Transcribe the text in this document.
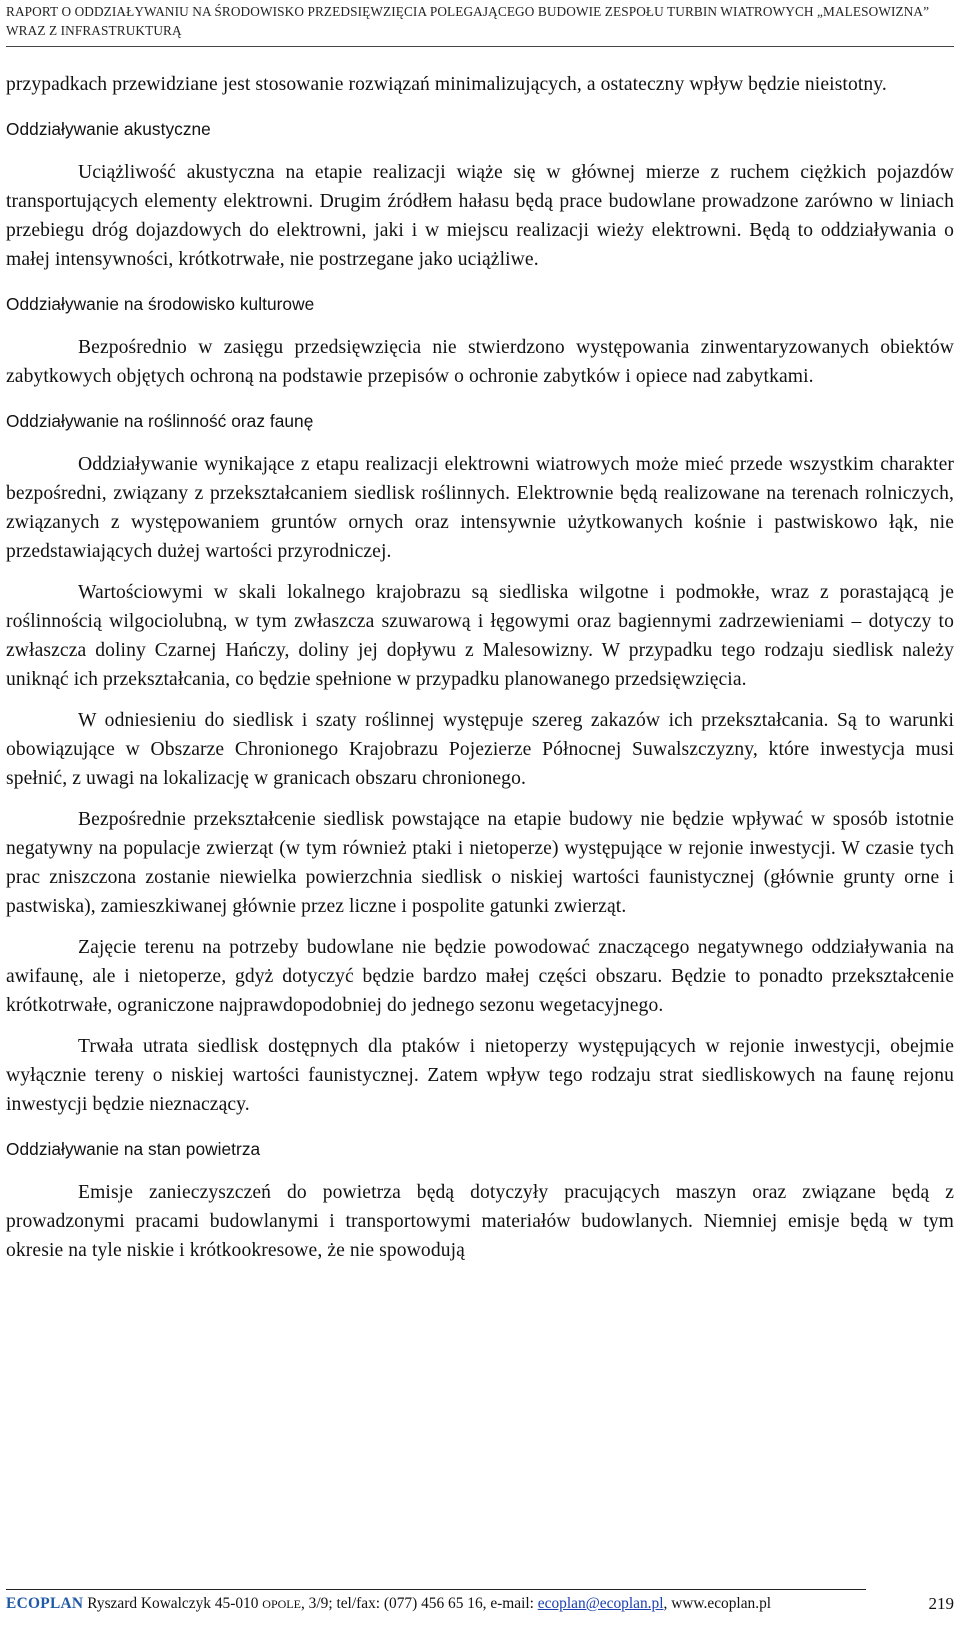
RAPORT O ODDZIAŁYWANIU NA ŚRODOWISKO PRZEDSIĘWZIĘCIA POLEGAJĄCEGO BUDOWIE ZESPOŁU TURBIN WIATROWYCH „MALESOWIZNA”
WRAZ Z INFRASTRUKTURĄ

przypadkach przewidziane jest stosowanie rozwiązań minimalizujących, a ostateczny wpływ będzie nieistotny.

Oddziaływanie akustyczne

Uciążliwość akustyczna na etapie realizacji wiąże się w głównej mierze z ruchem ciężkich pojazdów transportujących elementy elektrowni. Drugim źródłem hałasu będą prace budowlane prowadzone zarówno w liniach przebiegu dróg dojazdowych do elektrowni, jaki i w miejscu realizacji wieży elektrowni. Będą to oddziaływania o małej intensywności, krótkotrwałe, nie postrzegane jako uciążliwe.

Oddziaływanie na środowisko kulturowe

Bezpośrednio w zasięgu przedsięwzięcia nie stwierdzono występowania zinwentaryzowanych obiektów zabytkowych objętych ochroną na podstawie przepisów o ochronie zabytków i opiece nad zabytkami.

Oddziaływanie na roślinność oraz faunę

Oddziaływanie wynikające z etapu realizacji elektrowni wiatrowych może mieć przede wszystkim charakter bezpośredni, związany z przekształcaniem siedlisk roślinnych. Elektrownie będą realizowane na terenach rolniczych, związanych z występowaniem gruntów ornych oraz intensywnie użytkowanych kośnie i pastwiskowo łąk, nie przedstawiających dużej wartości przyrodniczej.

Wartościowymi w skali lokalnego krajobrazu są siedliska wilgotne i podmokłe, wraz z porastającą je roślinnością wilgociolubną, w tym zwłaszcza szuwarową i łęgowymi oraz bagiennymi zadrzewieniami – dotyczy to zwłaszcza doliny Czarnej Hańczy, doliny jej dopływu z Malesowizny. W przypadku tego rodzaju siedlisk należy uniknąć ich przekształcania, co będzie spełnione w przypadku planowanego przedsięwzięcia.

W odniesieniu do siedlisk i szaty roślinnej występuje szereg zakazów ich przekształcania. Są to warunki obowiązujące w Obszarze Chronionego Krajobrazu Pojezierze Północnej Suwalszczyzny, które inwestycja musi spełnić, z uwagi na lokalizację w granicach obszaru chronionego.

Bezpośrednie przekształcenie siedlisk powstające na etapie budowy nie będzie wpływać w sposób istotnie negatywny na populacje zwierząt (w tym również ptaki i nietoperze) występujące w rejonie inwestycji. W czasie tych prac zniszczona zostanie niewielka powierzchnia siedlisk o niskiej wartości faunistycznej (głównie grunty orne i pastwiska), zamieszkiwanej głównie przez liczne i pospolite gatunki zwierząt.

Zajęcie terenu na potrzeby budowlane nie będzie powodować znaczącego negatywnego oddziaływania na awifaunę, ale i nietoperze, gdyż dotyczyć będzie bardzo małej części obszaru. Będzie to ponadto przekształcenie krótkotrwałe, ograniczone najprawdopodobniej do jednego sezonu wegetacyjnego.

Trwała utrata siedlisk dostępnych dla ptaków i nietoperzy występujących w rejonie inwestycji, obejmie wyłącznie tereny o niskiej wartości faunistycznej. Zatem wpływ tego rodzaju strat siedliskowych na faunę rejonu inwestycji będzie nieznaczący.

Oddziaływanie na stan powietrza

Emisje zanieczyszczeń do powietrza będą dotyczyły pracujących maszyn oraz związane będą z prowadzonymi pracami budowlanymi i transportowymi materiałów budowlanych. Niemniej emisje będą w tym okresie na tyle niskie i krótkookresowe, że nie spowodują

ECOPLAN Ryszard Kowalczyk 45-010 OPOLE, 3/9; tel/fax: (077) 456 65 16, e-mail: ecoplan@ecoplan.pl, www.ecoplan.pl	219
